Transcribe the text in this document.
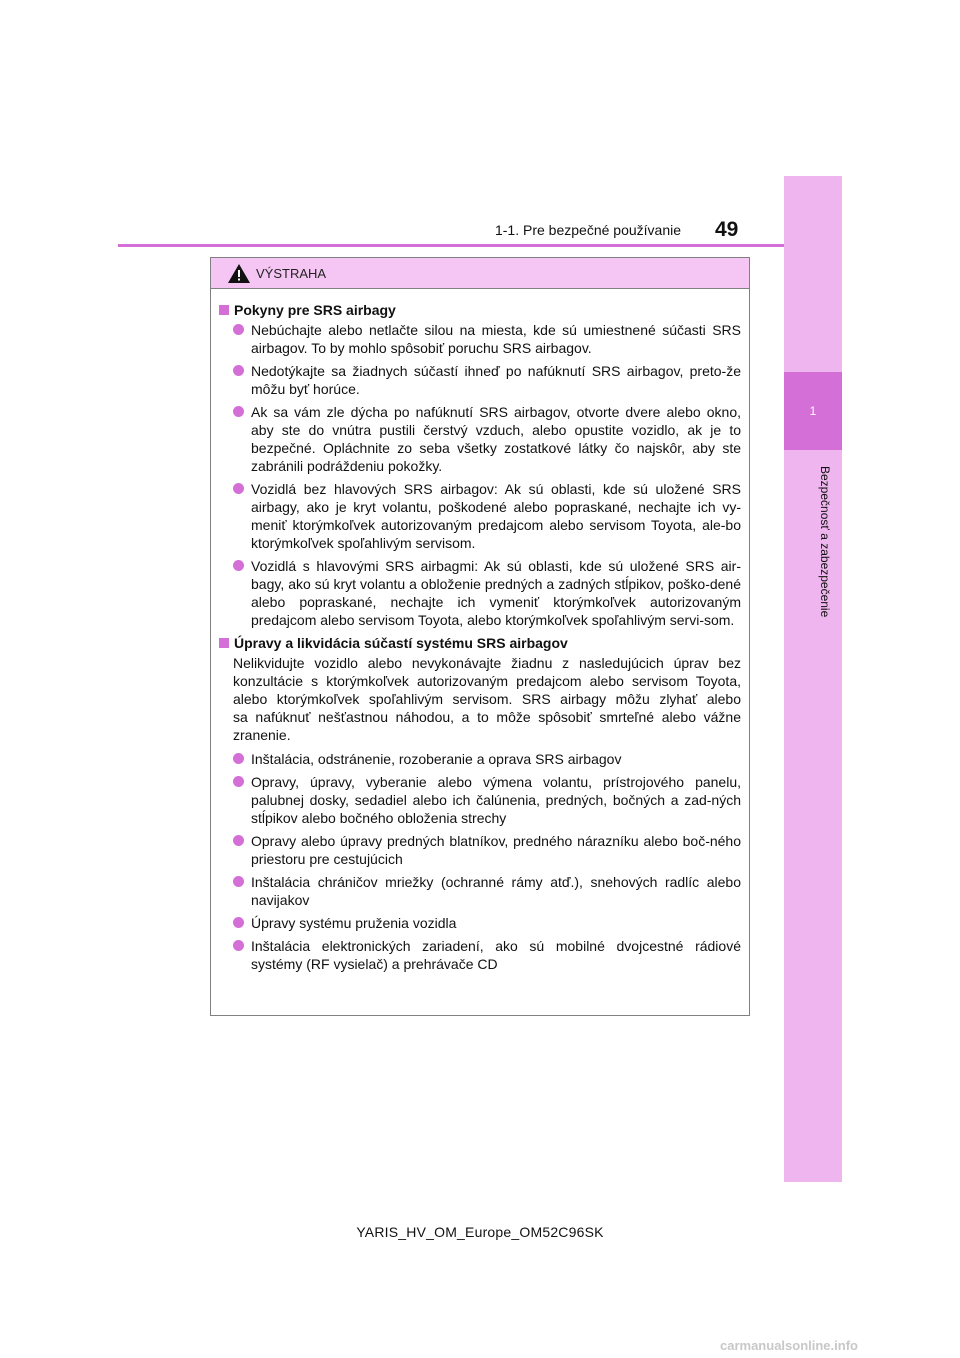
1
Bezpečnosť a zabezpečenie
1-1. Pre bezpečné používanie 49
VÝSTRAHA
Pokyny pre SRS airbagy
Nebúchajte alebo netlačte silou na miesta, kde sú umiestnené súčasti SRS airbagov. To by mohlo spôsobiť poruchu SRS airbagov.
Nedotýkajte sa žiadnych súčastí ihneď po nafúknutí SRS airbagov, preto-že môžu byť horúce.
Ak sa vám zle dýcha po nafúknutí SRS airbagov, otvorte dvere alebo okno, aby ste do vnútra pustili čerstvý vzduch, alebo opustite vozidlo, ak je to bezpečné. Opláchnite zo seba všetky zostatkové látky čo najskôr, aby ste zabránili podráždeniu pokožky.
Vozidlá bez hlavových SRS airbagov: Ak sú oblasti, kde sú uložené SRS airbagy, ako je kryt volantu, poškodené alebo popraskané, nechajte ich vy-meniť ktorýmkoľvek autorizovaným predajcom alebo servisom Toyota, ale-bo ktorýmkoľvek spoľahlivým servisom.
Vozidlá s hlavovými SRS airbagmi: Ak sú oblasti, kde sú uložené SRS air-bagy, ako sú kryt volantu a obloženie predných a zadných stĺpikov, poško-dené alebo popraskané, nechajte ich vymeniť ktorýmkoľvek autorizovaným predajcom alebo servisom Toyota, alebo ktorýmkoľvek spoľahlivým servi-som.
Úpravy a likvidácia súčastí systému SRS airbagov
Nelikvidujte vozidlo alebo nevykonávajte žiadnu z nasledujúcich úprav bez
konzultácie s ktorýmkoľvek autorizovaným predajcom alebo servisom Toyota,
alebo ktorýmkoľvek spoľahlivým servisom. SRS airbagy môžu zlyhať alebo
sa nafúknuť nešťastnou náhodou, a to môže spôsobiť smrteľné alebo vážne
zranenie.
Inštalácia, odstránenie, rozoberanie a oprava SRS airbagov
Opravy, úpravy, vyberanie alebo výmena volantu, prístrojového panelu, palubnej dosky, sedadiel alebo ich čalúnenia, predných, bočných a zad-ných stĺpikov alebo bočného obloženia strechy
Opravy alebo úpravy predných blatníkov, predného nárazníku alebo boč-ného priestoru pre cestujúcich
Inštalácia chráničov mriežky (ochranné rámy atď.), snehových radlíc alebo navijakov
Úpravy systému pruženia vozidla
Inštalácia elektronických zariadení, ako sú mobilné dvojcestné rádiové systémy (RF vysielač) a prehrávače CD
YARIS_HV_OM_Europe_OM52C96SK
carmanualsonline.info
